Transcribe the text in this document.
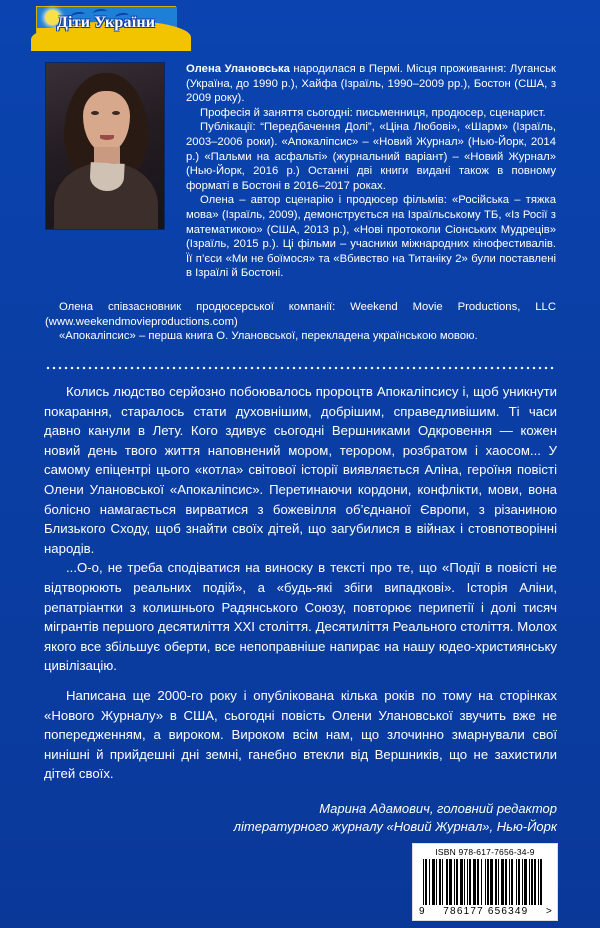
Діти України

Олена Улановська народилася в Пермі. Місця проживання: Луганськ (Україна, до 1990 р.), Хайфа (Ізраїль, 1990–2009 рр.), Бостон (США, з 2009 року).

Професія й заняття сьогодні: письменниця, продюсер, сценарист.

Публікації: “Передбачення Долі”, «Ціна Любові», «Шарм» (Ізраїль, 2003–2006 роки). «Апокаліпсис» – «Новий Журнал» (Нью-Йорк, 2014 р.) «Пальми на асфальті» (журнальний варіант) – «Новий Журнал» (Нью-Йорк, 2016 р.) Останні дві книги видані також в повному форматі в Бостоні в 2016–2017 роках.

Олена – автор сценарію і продюсер фільмів: «Російська – тяжка мова» (Ізраїль, 2009), демонструється на Ізраїльському ТБ, «Із Росії з математикою» (США, 2013 р.), «Нові протоколи Сіонських Мудреців» (Ізраїль, 2015 р.). Ці фільми – учасники міжнародних кінофестивалів. Її п’єси «Ми не боїмося» та «Вбивство на Титаніку 2» були поставлені в Ізраїлі й Бостоні.

Олена співзасновник продюсерської компанії: Weekend Movie Productions, LLC (www.weekendmovieproductions.com)

«Апокаліпсис» – перша книга О. Улановської, перекладена українською мовою.

Колись людство серйозно побоювалось пророцтв Апокаліпсису і, щоб уникнути покарання, старалось стати духовнішим, добрішим, справедливішим. Ті часи давно канули в Лету. Кого здивує сьогодні Вершниками Одкровення — кожен новий день твого життя наповнений мором, терором, розбратом і хаосом... У самому епіцентрі цього «котла» світової історії виявляється Аліна, героїня повісті Олени Улановської «Апокаліпсис». Перетинаючи кордони, конфлікти, мови, вона болісно намагається вирватися з божевілля об’єднаної Європи, з різаниною Близького Сходу, щоб знайти своїх дітей, що загубилися в війнах і стовпотворінні народів.

...О-о, не треба сподіватися на виноску в тексті про те, що «Події в повісті не відтворюють реальних подій», а «будь-які збіги випадкові». Історія Аліни, репатріантки з колишнього Радянського Союзу, повторює перипетії і долі тисяч мігрантів першого десятиліття XXI століття. Десятиліття Реального століття. Молох якого все збільшує оберти, все непоправніше напирає на нашу юдео-християнську цивілізацію.

Написана ще 2000-го року і опублікована кілька років по тому на сторінках «Нового Журналу» в США, сьогодні повість Олени Улановської звучить вже не попередженням, а вироком. Вироком всім нам, що злочинно змарнували свої нинішні й прийдешні дні земні, ганебно втекли від Вершників, що не захистили дітей своїх.

Марина Адамович, головний редактор
літературного журналу «Новий Журнал», Нью-Йорк
ISBN 978-617-7656-34-9
9 786177 656349 >
